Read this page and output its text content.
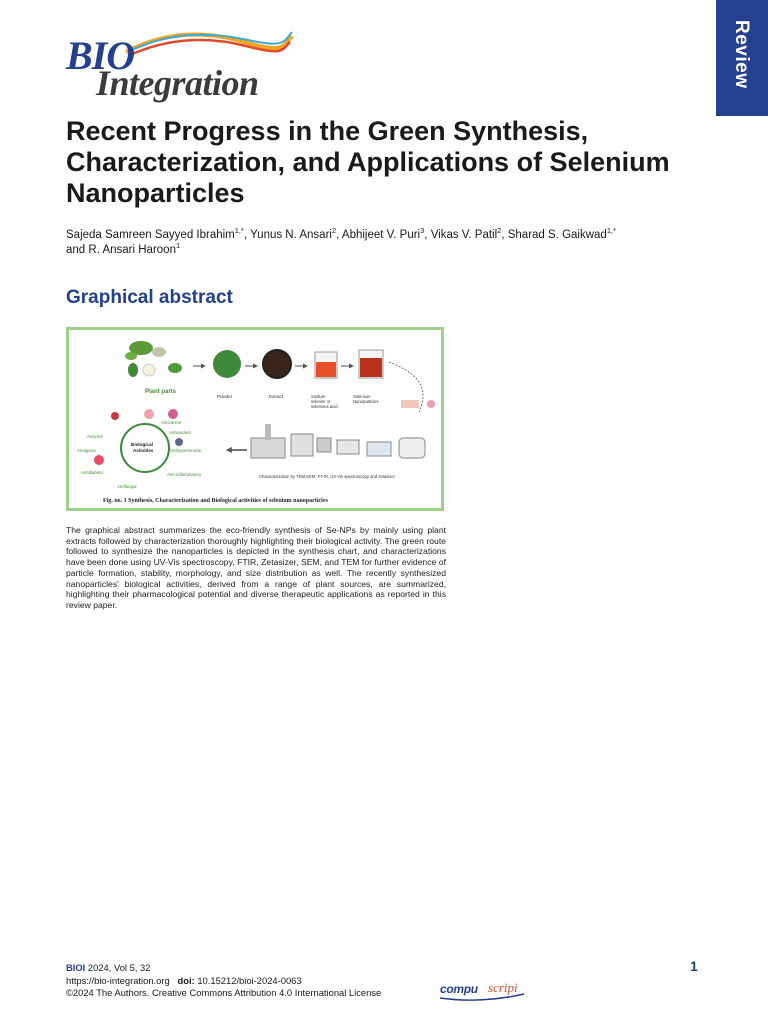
BIO
Integration	Review
Recent Progress in the Green Synthesis, Characterization, and Applications of Selenium Nanoparticles
Sajeda Samreen Sayyed Ibrahim$^{1,*}$, Yunus N. Ansari$^2$, Abhijeet V. Puri$^3$, Vikas V. Patil$^2$, Sharad S. Gaikwad$^{1,*}$
and R. Ansari Haroon$^1$
Graphical abstract
Plant parts
Powder	Extract	Sodium
selenite or
selenious acid
Selenium
Nanoparticles
Characterization by TEM,SEM, FT-IR, UV-Vis spectroscopy and zetasizer
Biological
Activities
Anticancer
Antioxidant
Antiviral
Antihypertensive
Analgesic
Antidiabetic	Anti-inflammatory
Antifungal
Fig. no. 1 Synthesis, Characterization and Biological activities of selenium nanoparticles

The graphical abstract summarizes the eco-friendly synthesis of Se-NPs by mainly using plant extracts followed by characterization thoroughly highlighting their biological activity. The green route followed to synthesize the nanoparticles is depicted in the synthesis chart, and characterizations have been done using UV-Vis spectroscopy, FTIR, Zetasizer, SEM, and TEM for further evidence of particle formation, stability, morphology, and size distribution as well. The recently synthesized nanoparticles' biological activities, derived from a range of plant sources, are summarized, highlighting their pharmacological potential and diverse therapeutic applications as reported in this review paper.

BIOI 2024, Vol 5, 32
https://bio-integration.org doi: 10.15212/bioi-2024-0063
©2024 The Authors. Creative Commons Attribution 4.0 International License
1
compu scripi
